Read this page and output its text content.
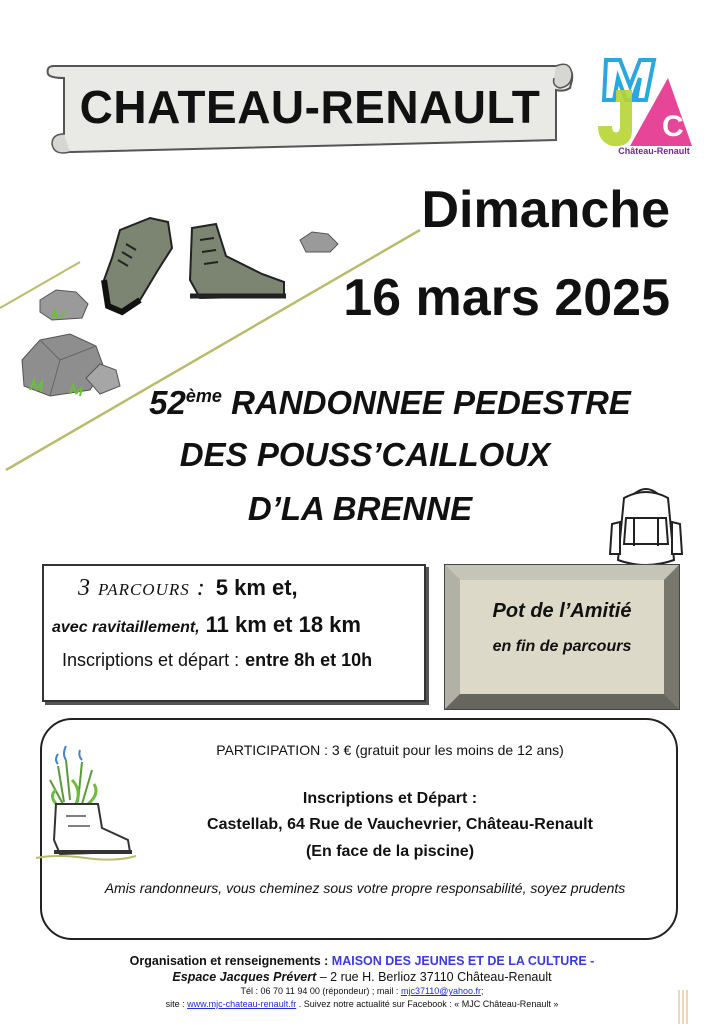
CHATEAU-RENAULT	C
Château-Renault
Dimanche
16 mars 2025
52ème RANDONNEE PEDESTRE
DES POUSS’CAILLOUX
D’LA BRENNE
3 parcours : 5 km et,
avec ravitaillement, 11 km et 18 km
Inscriptions et départ : entre 8h et 10h
Pot de l’Amitié
en fin de parcours
PARTICIPATION : 3 € (gratuit pour les moins de 12 ans)
Inscriptions et Départ :
Castellab, 64 Rue de Vauchevrier, Château-Renault
(En face de la piscine)
Amis randonneurs, vous cheminez sous votre propre responsabilité, soyez prudents
Organisation et renseignements : MAISON DES JEUNES ET DE LA CULTURE -
Espace Jacques Prévert – 2 rue H. Berlioz 37110 Château-Renault
Tél : 06 70 11 94 00 (répondeur) ; mail : mjc37110@yahoo.fr;
site : www.mjc-chateau-renault.fr . Suivez notre actualité sur Facebook : « MJC Château-Renault »
